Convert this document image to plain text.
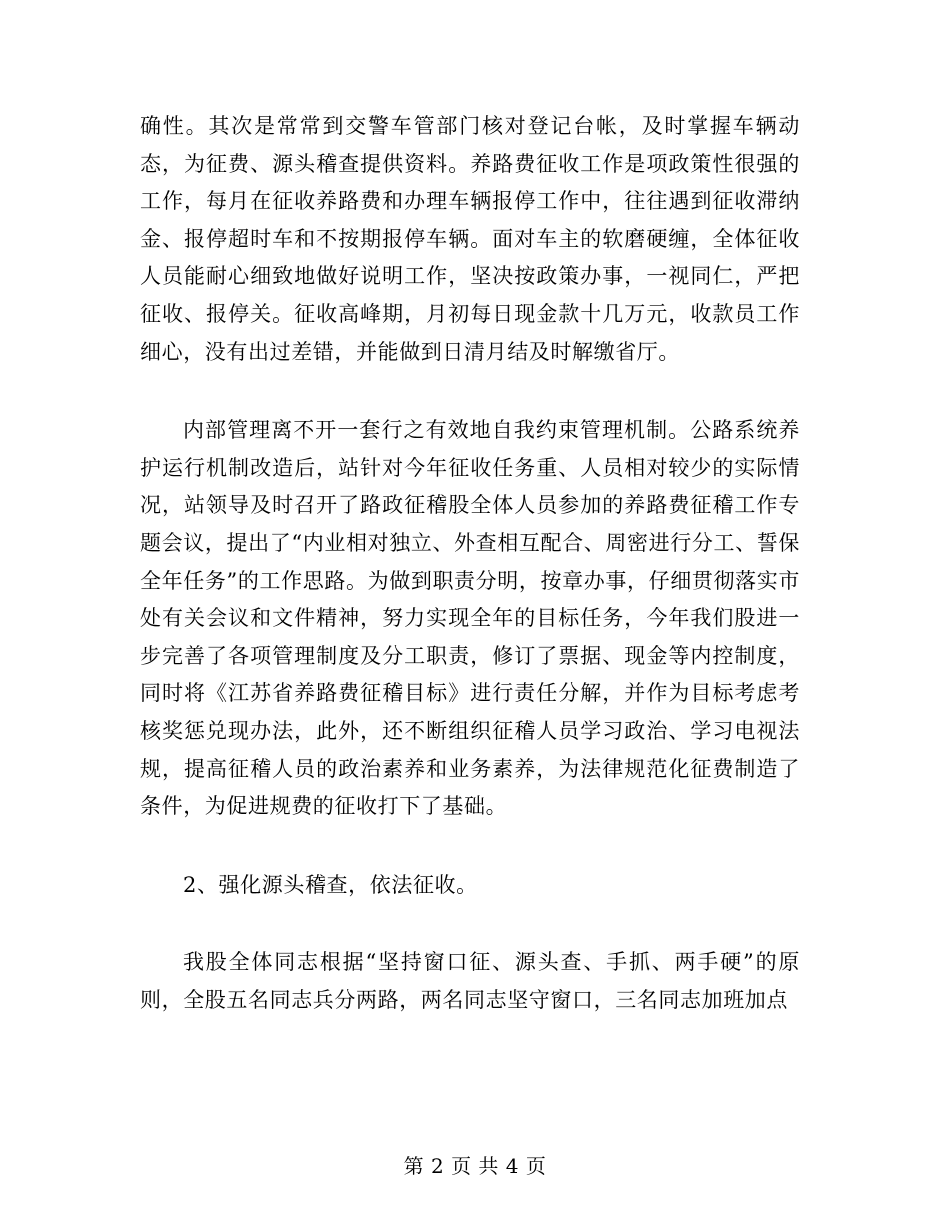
确性。其次是常常到交警车管部门核对登记台帐，及时掌握车辆动态，为征费、源头稽查提供资料。养路费征收工作是项政策性很强的工作，每月在征收养路费和办理车辆报停工作中，往往遇到征收滞纳金、报停超时车和不按期报停车辆。面对车主的软磨硬缠，全体征收人员能耐心细致地做好说明工作，坚决按政策办事，一视同仁，严把征收、报停关。征收高峰期，月初每日现金款十几万元，收款员工作细心，没有出过差错，并能做到日清月结及时解缴省厅。

内部管理离不开一套行之有效地自我约束管理机制。公路系统养护运行机制改造后，站针对今年征收任务重、人员相对较少的实际情况，站领导及时召开了路政征稽股全体人员参加的养路费征稽工作专题会议，提出了“内业相对独立、外查相互配合、周密进行分工、誓保全年任务”的工作思路。为做到职责分明，按章办事，仔细贯彻落实市处有关会议和文件精神，努力实现全年的目标任务，今年我们股进一步完善了各项管理制度及分工职责，修订了票据、现金等内控制度，同时将《江苏省养路费征稽目标》进行责任分解，并作为目标考虑考核奖惩兑现办法，此外，还不断组织征稽人员学习政治、学习电视法规，提高征稽人员的政治素养和业务素养，为法律规范化征费制造了条件，为促进规费的征收打下了基础。

2、强化源头稽查，依法征收。

我股全体同志根据“坚持窗口征、源头查、手抓、两手硬”的原则，全股五名同志兵分两路，两名同志坚守窗口，三名同志加班加点

第 2 页 共 4 页
